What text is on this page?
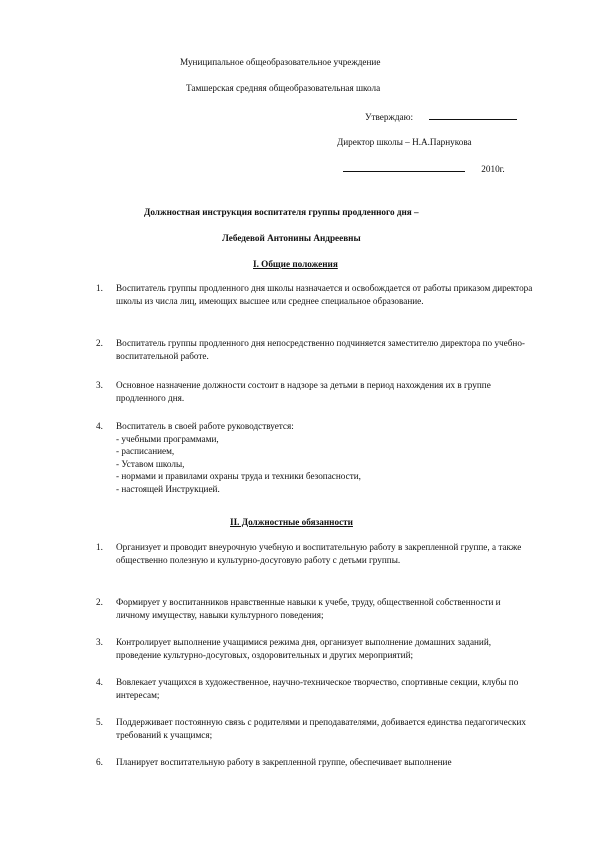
Муниципальное общеобразовательное учреждение
Тамшерская средняя общеобразовательная школа
Утверждаю:
Директор школы – Н.А.Парнукова
2010г.
Должностная инструкция воспитателя группы продленного дня –
Лебедевой Антонины Андреевны
I. Общие положения
1.	Воспитатель группы продленного дня школы назначается и освобождается от работы приказом директора школы из числа лиц, имеющих высшее или среднее специальное образование.
2.	Воспитатель группы продленного дня непосредственно подчиняется заместителю директора по учебно-воспитательной работе.
3.	Основное назначение должности состоит в надзоре за детьми в период нахождения их в группе продленного дня.
4.	Воспитатель в своей работе руководствуется:
- учебными программами,
- расписанием,
- Уставом школы,
- нормами и правилами охраны труда и техники безопасности,
- настоящей Инструкцией.
II. Должностные обязанности
1.	Организует и проводит внеурочную учебную и воспитательную работу в закрепленной группе, а также общественно полезную и культурно-досуговую работу с детьми группы.
2.	Формирует у воспитанников нравственные навыки к учебе, труду, общественной собственности и личному имуществу, навыки культурного поведения;
3.	Контролирует выполнение учащимися режима дня, организует выполнение домашних заданий, проведение культурно-досуговых, оздоровительных и других мероприятий;
4.	Вовлекает учащихся в художественное, научно-техническое творчество, спортивные секции, клубы по интересам;
5.	Поддерживает постоянную связь с родителями и преподавателями, добивается единства педагогических требований к учащимся;
6.	Планирует воспитательную работу в закрепленной группе, обеспечивает выполнение
